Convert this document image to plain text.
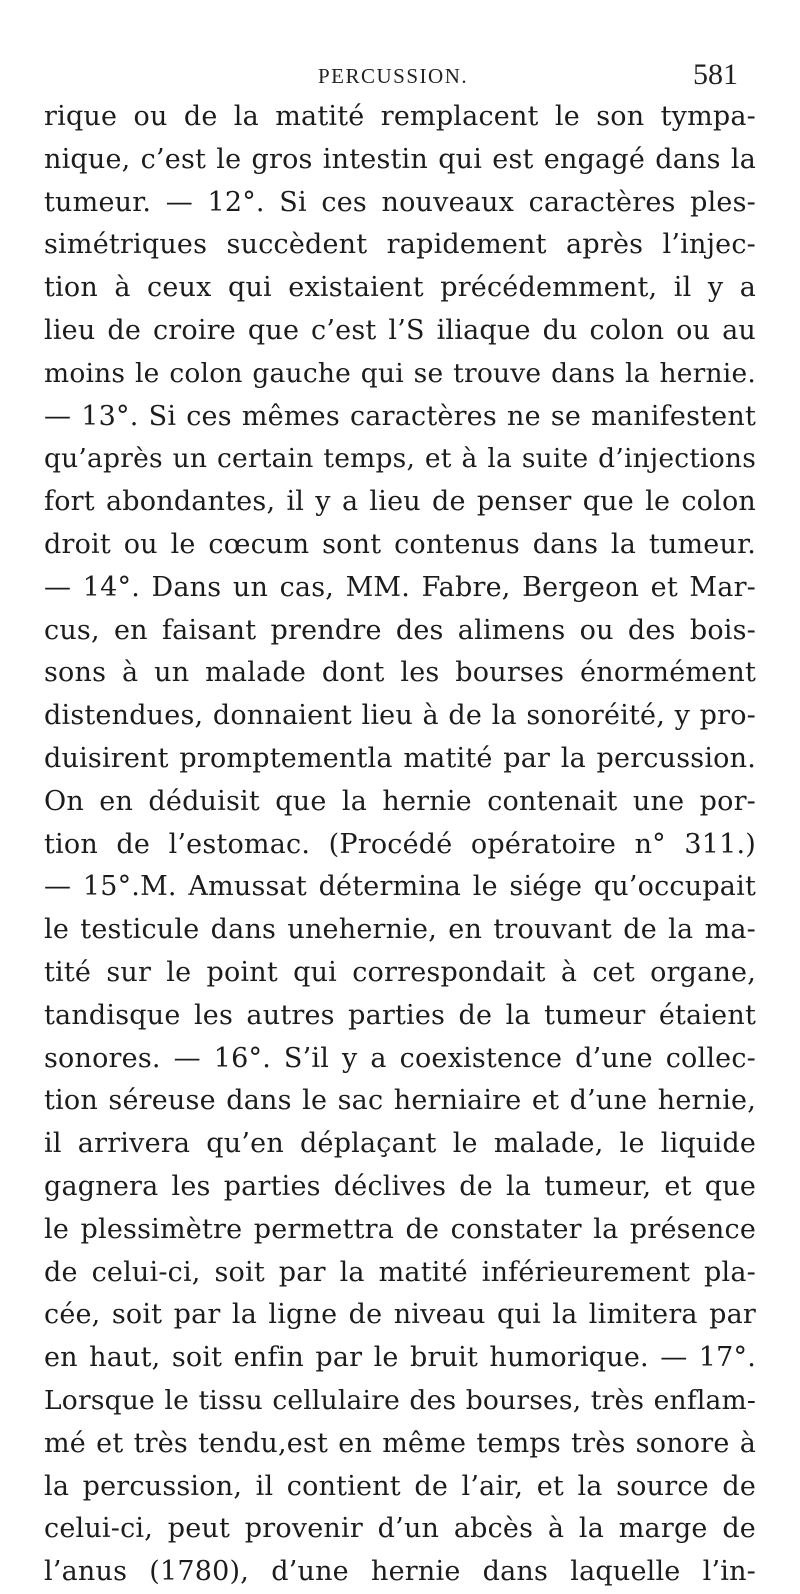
PERCUSSION.	581
rique ou de la matité remplacent le son tympa-
nique, c’est le gros intestin qui est engagé dans la
tumeur. — 12°. Si ces nouveaux caractères ples-
simétriques succèdent rapidement après l’injec-
tion à ceux qui existaient précédemment, il y a
lieu de croire que c’est l’S iliaque du colon ou au
moins le colon gauche qui se trouve dans la hernie.
— 13°. Si ces mêmes caractères ne se manifestent
qu’après un certain temps, et à la suite d’injections
fort abondantes, il y a lieu de penser que le colon
droit ou le cœcum sont contenus dans la tumeur.
— 14°. Dans un cas, MM. Fabre, Bergeon et Mar-
cus, en faisant prendre des alimens ou des bois-
sons à un malade dont les bourses énormément
distendues, donnaient lieu à de la sonoréité, y pro-
duisirent promptementla matité par la percussion.
On en déduisit que la hernie contenait une por-
tion de l’estomac. (Procédé opératoire n° 311.)
— 15°.M. Amussat détermina le siége qu’occupait
le testicule dans unehernie, en trouvant de la ma-
tité sur le point qui correspondait à cet organe,
tandisque les autres parties de la tumeur étaient
sonores. — 16°. S’il y a coexistence d’une collec-
tion séreuse dans le sac herniaire et d’une hernie,
il arrivera qu’en déplaçant le malade, le liquide
gagnera les parties déclives de la tumeur, et que
le plessimètre permettra de constater la présence
de celui-ci, soit par la matité inférieurement pla-
cée, soit par la ligne de niveau qui la limitera par
en haut, soit enfin par le bruit humorique. — 17°.
Lorsque le tissu cellulaire des bourses, très enflam-
mé et très tendu,est en même temps très sonore à
la percussion, il contient de l’air, et la source de
celui-ci, peut provenir d’un abcès à la marge de
l’anus (1780), d’une hernie dans laquelle l’in-
